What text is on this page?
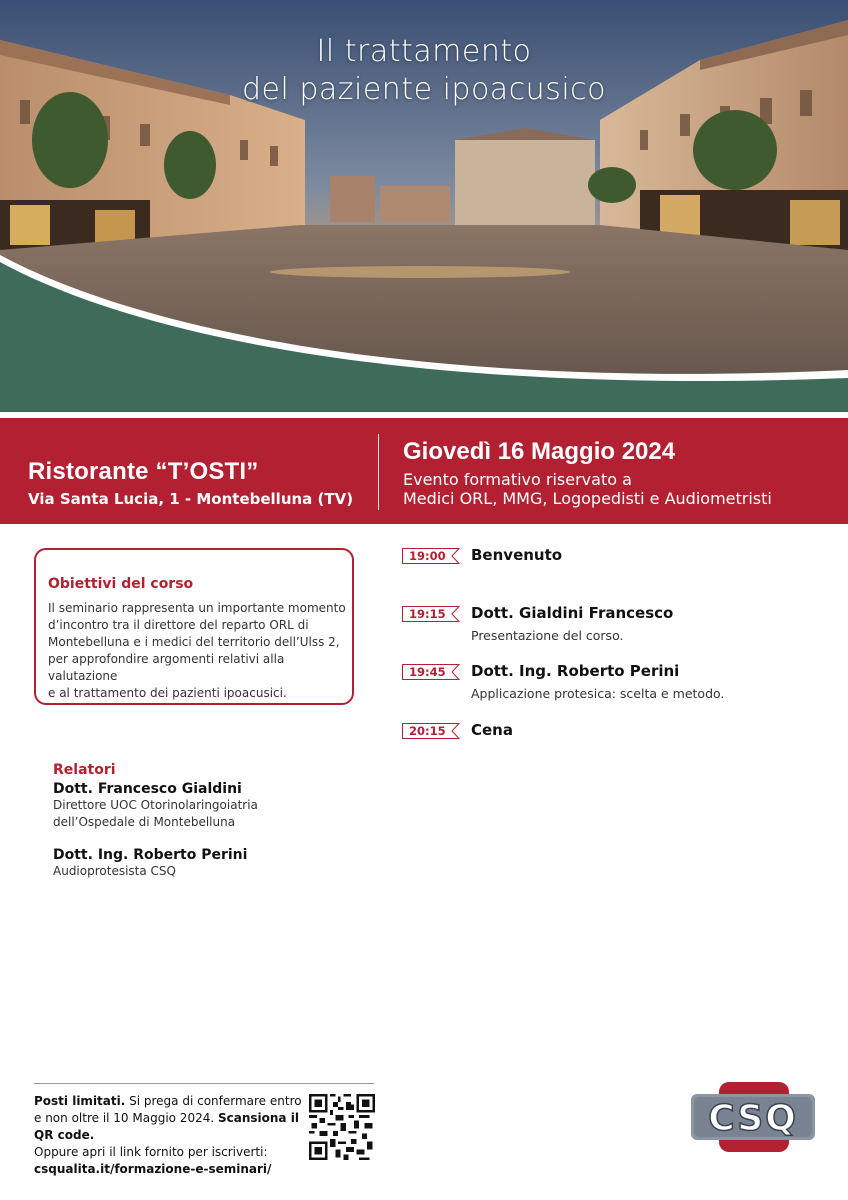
Il trattamento
del paziente ipoacusico
Ristorante “T’OSTI”
Via Santa Lucia, 1 - Montebelluna (TV)
Giovedì 16 Maggio 2024
Evento formativo riservato a
Medici ORL, MMG, Logopedisti e Audiometristi
Obiettivi del corso
Il seminario rappresenta un importante momento
d’incontro tra il direttore del reparto ORL di
Montebelluna e i medici del territorio dell’Ulss 2,
per approfondire argomenti relativi alla valutazione
e al trattamento dei pazienti ipoacusici.
Relatori
Dott. Francesco Gialdini
Direttore UOC Otorinolaringoiatria
dell’Ospedale di Montebelluna
Dott. Ing. Roberto Perini
Audioprotesista CSQ
19:00	Benvenuto
19:15	Dott. Gialdini Francesco
Presentazione del corso.
19:45	Dott. Ing. Roberto Perini
Applicazione protesica: scelta e metodo.
20:15	Cena
Posti limitati. Si prega di confermare entro e non oltre il 10 Maggio 2024. Scansiona il QR code.
Oppure apri il link fornito per iscriverti:
csqualita.it/formazione-e-seminari/
CSQ
